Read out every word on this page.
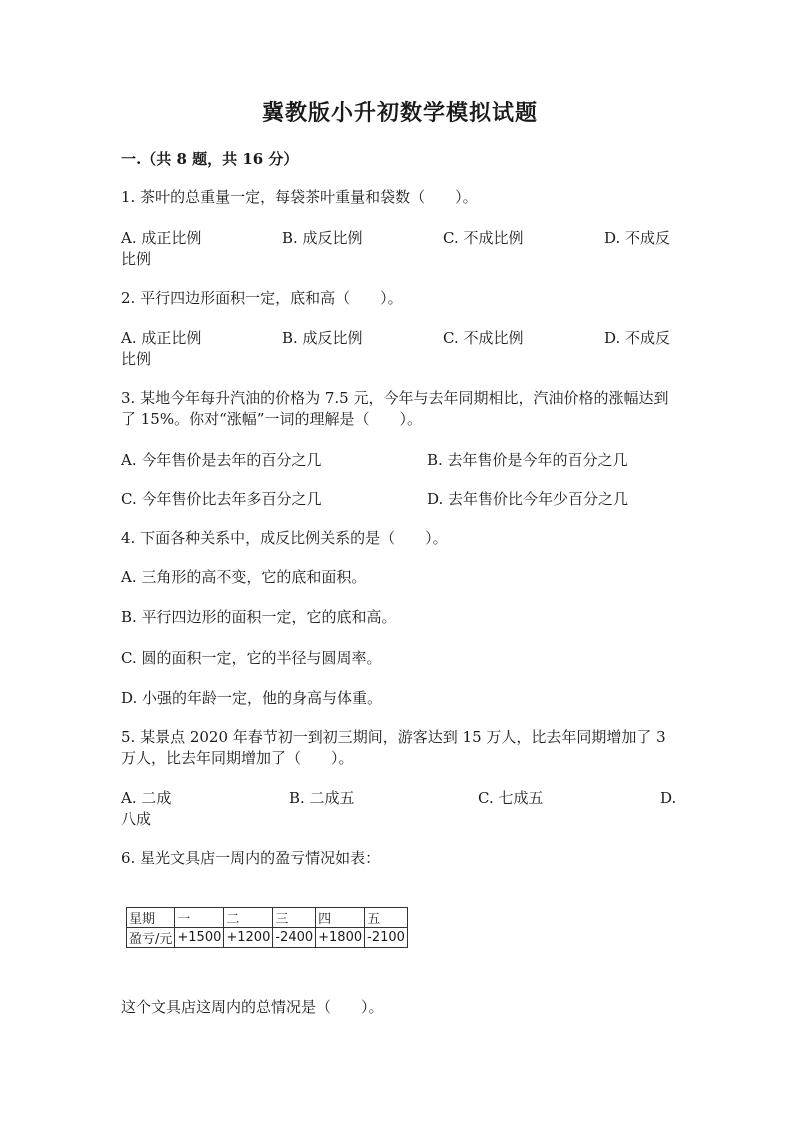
冀教版小升初数学模拟试题
一.（共 8 题，共 16 分）
1. 茶叶的总重量一定，每袋茶叶重量和袋数（　　）。
A. 成正比例	B. 成反比例	C. 不成比例	D. 不成反
比例
2. 平行四边形面积一定，底和高（　　）。
A. 成正比例	B. 成反比例	C. 不成比例	D. 不成反
比例
3. 某地今年每升汽油的价格为 7.5 元，今年与去年同期相比，汽油价格的涨幅达到了 15%。你对“涨幅”一词的理解是（　　）。
A. 今年售价是去年的百分之几	B. 去年售价是今年的百分之几
C. 今年售价比去年多百分之几	D. 去年售价比今年少百分之几
4. 下面各种关系中，成反比例关系的是（　　）。
A. 三角形的高不变，它的底和面积。
B. 平行四边形的面积一定，它的底和高。
C. 圆的面积一定，它的半径与圆周率。
D. 小强的年龄一定，他的身高与体重。
5. 某景点 2020 年春节初一到初三期间，游客达到 15 万人，比去年同期增加了 3 万人，比去年同期增加了（　　）。
A. 二成	B. 二成五	C. 七成五	D.
八成
6. 星光文具店一周内的盈亏情况如表：
星期	一	二	三	四	五
盈亏/元	+1500	+1200	-2400	+1800	-2100
这个文具店这周内的总情况是（　　）。
